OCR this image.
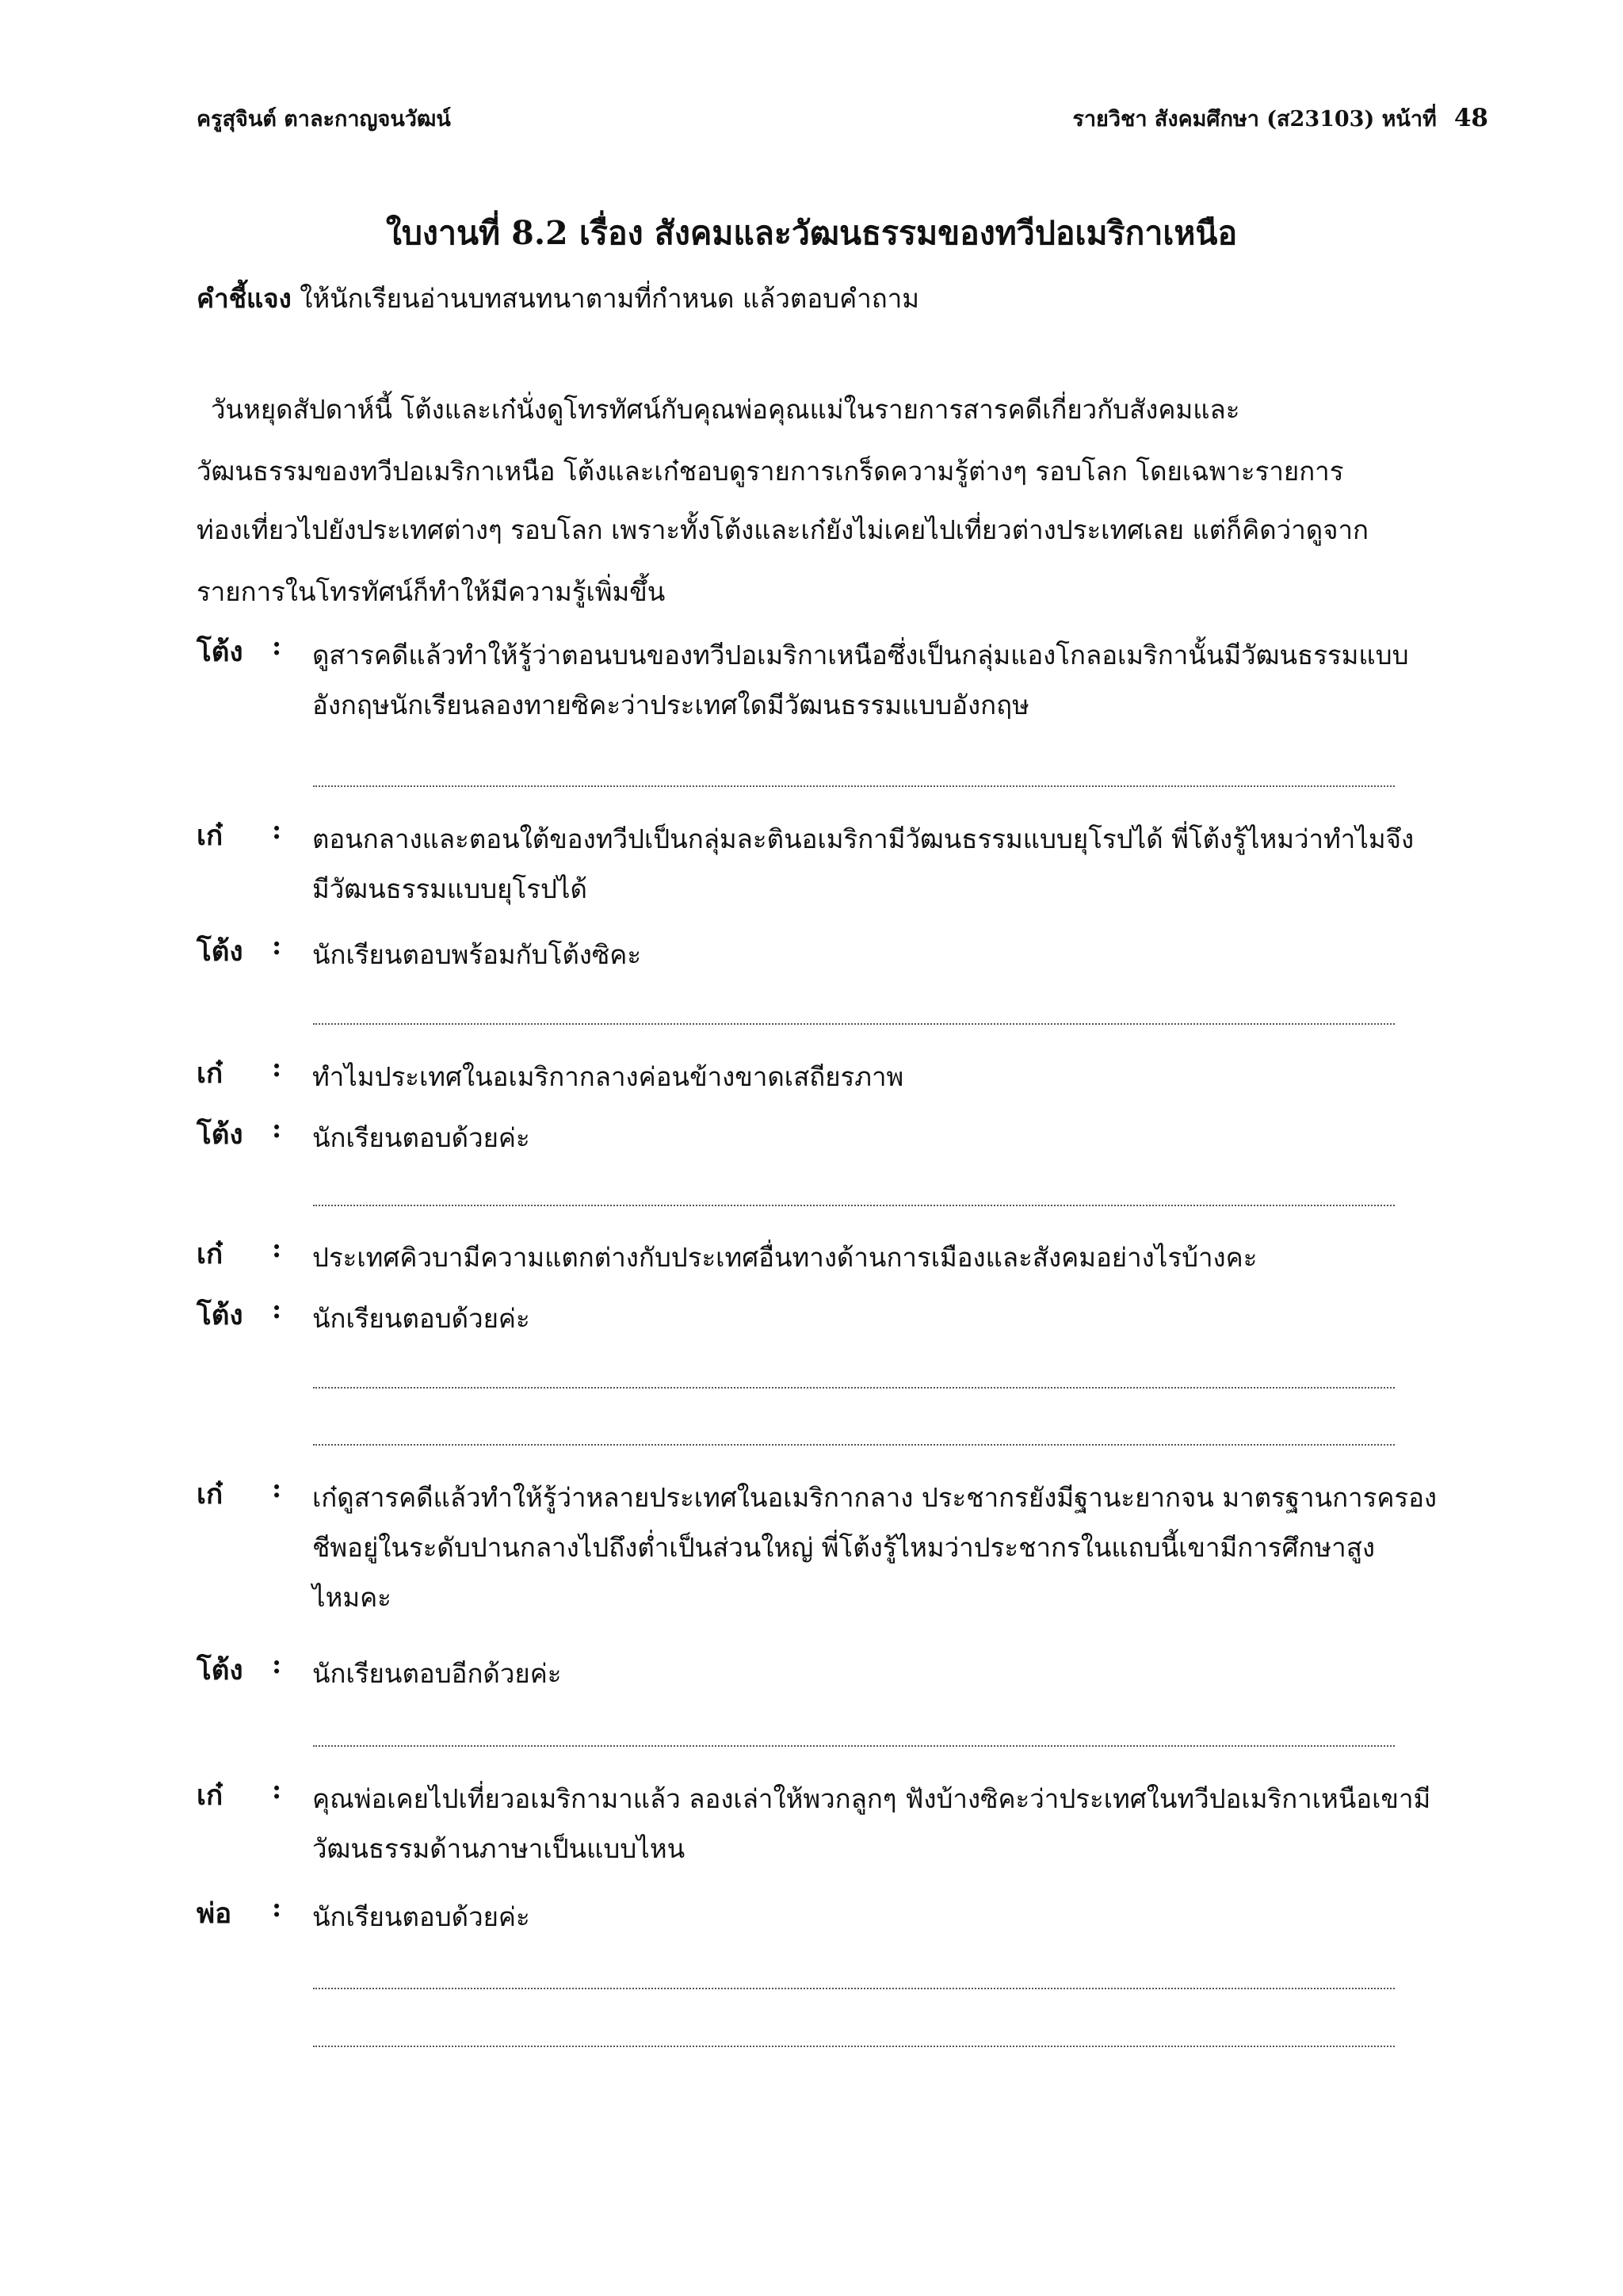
ครูสุจินต์ ตาละกาญจนวัฒน์	รายวิชา สังคมศึกษา (ส23103) หน้าที่ 48
ใบงานที่ 8.2 เรื่อง สังคมและวัฒนธรรมของทวีปอเมริกาเหนือ
คำชี้แจง ให้นักเรียนอ่านบทสนทนาตามที่กำหนด แล้วตอบคำถาม
วันหยุดสัปดาห์นี้ โต้งและเก๋นั่งดูโทรทัศน์กับคุณพ่อคุณแม่ในรายการสารคดีเกี่ยวกับสังคมและ
วัฒนธรรมของทวีปอเมริกาเหนือ โต้งและเก๋ชอบดูรายการเกร็ดความรู้ต่างๆ รอบโลก โดยเฉพาะรายการ
ท่องเที่ยวไปยังประเทศต่างๆ รอบโลก เพราะทั้งโต้งและเก๋ยังไม่เคยไปเที่ยวต่างประเทศเลย แต่ก็คิดว่าดูจาก
รายการในโทรทัศน์ก็ทำให้มีความรู้เพิ่มขึ้น
โต้ง : ดูสารคดีแล้วทำให้รู้ว่าตอนบนของทวีปอเมริกาเหนือซึ่งเป็นกลุ่มแองโกลอเมริกานั้นมีวัฒนธรรมแบบ
อังกฤษนักเรียนลองทายซิคะว่าประเทศใดมีวัฒนธรรมแบบอังกฤษ
เก๋ : ตอนกลางและตอนใต้ของทวีปเป็นกลุ่มละตินอเมริกามีวัฒนธรรมแบบยุโรปได้ พี่โต้งรู้ไหมว่าทำไมจึง
มีวัฒนธรรมแบบยุโรปได้
โต้ง : นักเรียนตอบพร้อมกับโต้งซิคะ
เก๋ : ทำไมประเทศในอเมริกากลางค่อนข้างขาดเสถียรภาพ
โต้ง : นักเรียนตอบด้วยค่ะ
เก๋ : ประเทศคิวบามีความแตกต่างกับประเทศอื่นทางด้านการเมืองและสังคมอย่างไรบ้างคะ
โต้ง : นักเรียนตอบด้วยค่ะ
เก๋ : เก๋ดูสารคดีแล้วทำให้รู้ว่าหลายประเทศในอเมริกากลาง ประชากรยังมีฐานะยากจน มาตรฐานการครอง
ชีพอยู่ในระดับปานกลางไปถึงต่ำเป็นส่วนใหญ่ พี่โต้งรู้ไหมว่าประชากรในแถบนี้เขามีการศึกษาสูง
ไหมคะ
โต้ง : นักเรียนตอบอีกด้วยค่ะ
เก๋ : คุณพ่อเคยไปเที่ยวอเมริกามาแล้ว ลองเล่าให้พวกลูกๆ ฟังบ้างซิคะว่าประเทศในทวีปอเมริกาเหนือเขามี
วัฒนธรรมด้านภาษาเป็นแบบไหน
พ่อ : นักเรียนตอบด้วยค่ะ
